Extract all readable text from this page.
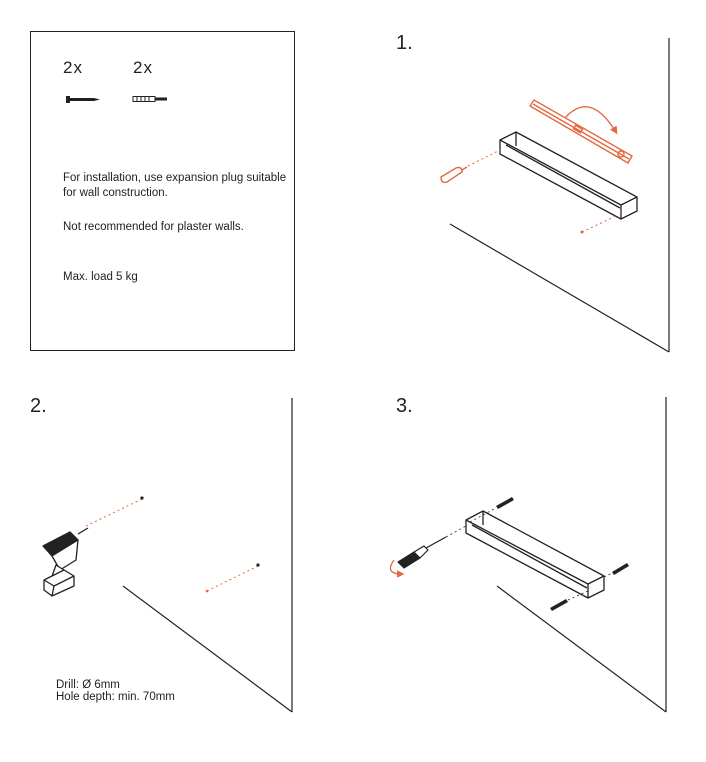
2x	2x
For installation, use expansion plug suitable for wall construction.
Not recommended for plaster walls.
Max. load 5 kg
1.
2.	3.
Drill: Ø 6mm
Hole depth: min. 70mm
